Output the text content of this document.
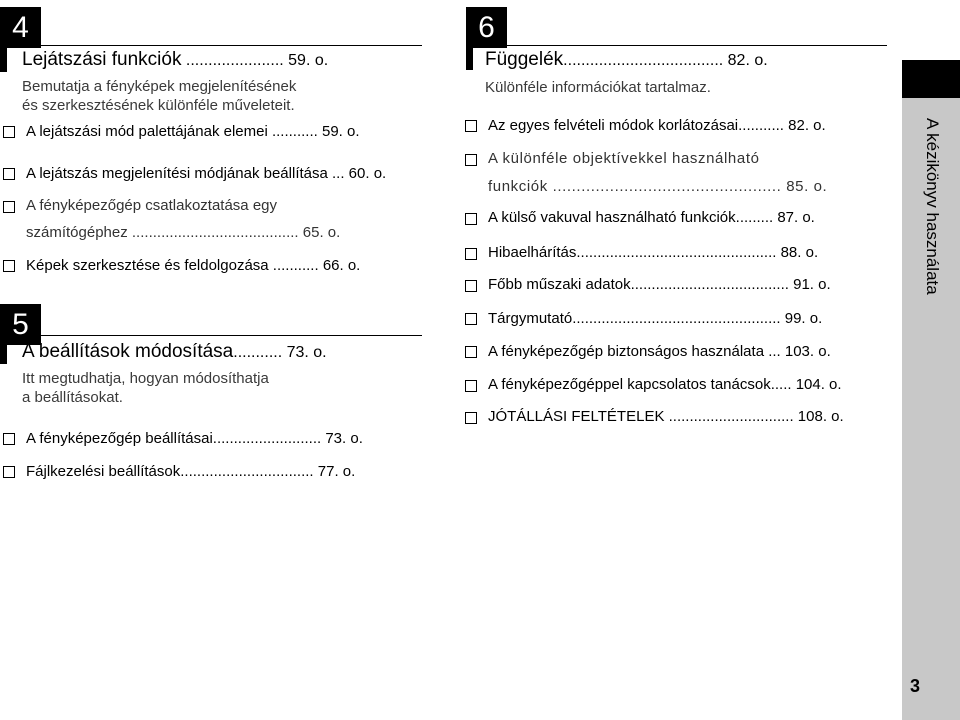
4
Lejátszási funkciók ...................... 59. o.
Bemutatja a fényképek megjelenítésének
és szerkesztésének különféle műveleteit.
A lejátszási mód palettájának elemei ........... 59. o.
A lejátszás megjelenítési módjának beállítása ... 60. o.
A fényképezőgép csatlakoztatása egy
számítógéphez ........................................ 65. o.
Képek szerkesztése és feldolgozása ........... 66. o.
5
A beállítások módosítása........... 73. o.
Itt megtudhatja, hogyan módosíthatja
a beállításokat.
A fényképezőgép beállításai.......................... 73. o.
Fájlkezelési beállítások................................ 77. o.
6
Függelék.................................... 82. o.
Különféle információkat tartalmaz.
Az egyes felvételi módok korlátozásai........... 82. o.
A különféle objektívekkel használható
funkciók ................................................ 85. o.
A külső vakuval használható funkciók......... 87. o.
Hibaelhárítás................................................ 88. o.
Főbb műszaki adatok...................................... 91. o.
Tárgymutató.................................................. 99. o.
A fényképezőgép biztonságos használata ... 103. o.
A fényképezőgéppel kapcsolatos tanácsok..... 104. o.
JÓTÁLLÁSI FELTÉTELEK .............................. 108. o.
A kézikönyv használata
3
